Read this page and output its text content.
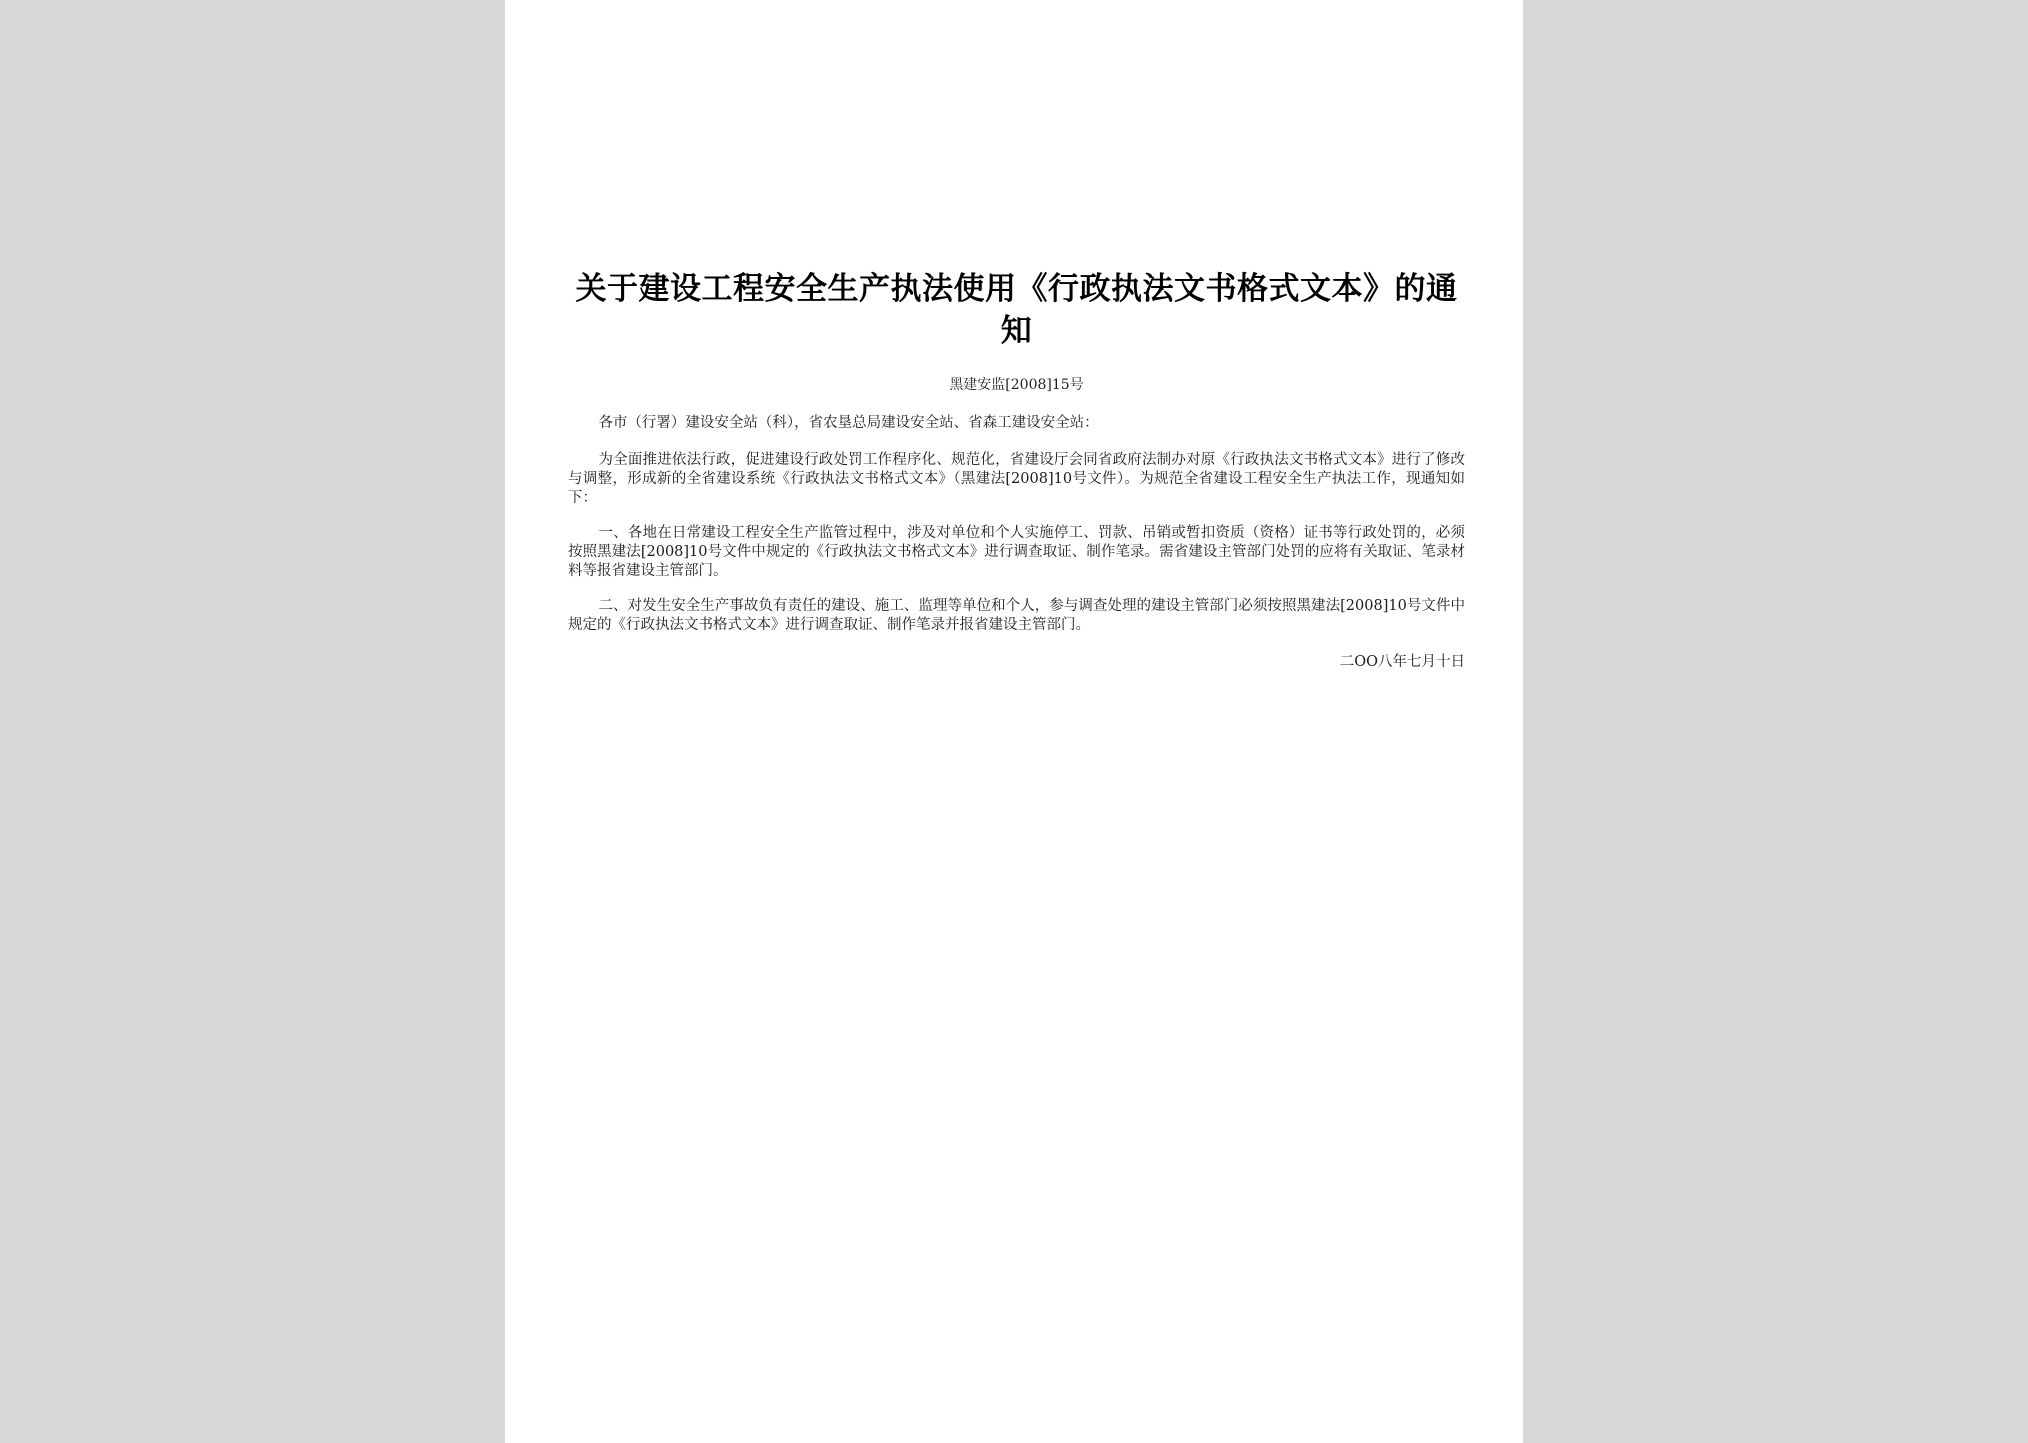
关于建设工程安全生产执法使用《行政执法文书格式文本》的通知
黑建安监[2008]15号

各市（行署）建设安全站（科），省农垦总局建设安全站、省森工建设安全站：

为全面推进依法行政，促进建设行政处罚工作程序化、规范化，省建设厅会同省政府法制办对原《行政执法文书格式文本》进行了修改与调整，形成新的全省建设系统《行政执法文书格式文本》（黑建法[2008]10号文件）。为规范全省建设工程安全生产执法工作，现通知如下：

一、各地在日常建设工程安全生产监管过程中，涉及对单位和个人实施停工、罚款、吊销或暂扣资质（资格）证书等行政处罚的，必须按照黑建法[2008]10号文件中规定的《行政执法文书格式文本》进行调查取证、制作笔录。需省建设主管部门处罚的应将有关取证、笔录材料等报省建设主管部门。

二、对发生安全生产事故负有责任的建设、施工、监理等单位和个人，参与调查处理的建设主管部门必须按照黑建法[2008]10号文件中规定的《行政执法文书格式文本》进行调查取证、制作笔录并报省建设主管部门。

二OO八年七月十日
